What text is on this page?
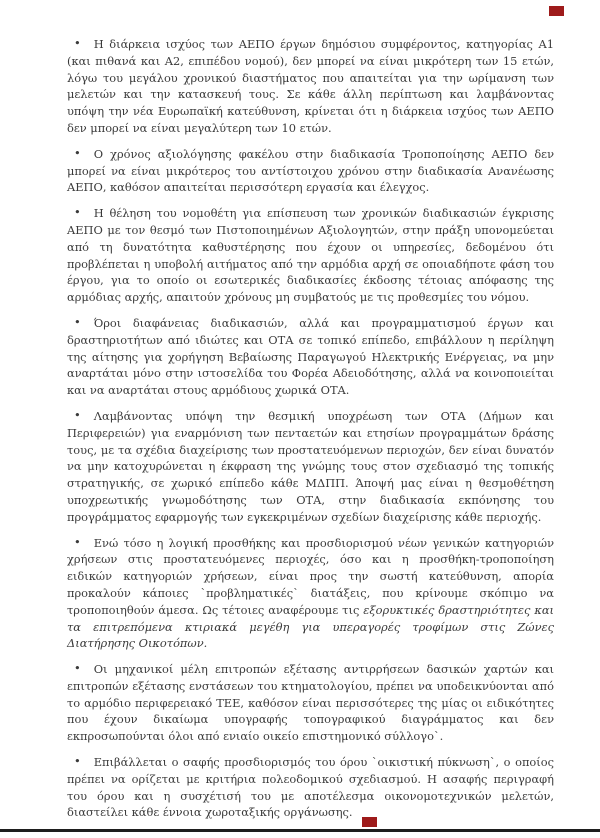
• Η διάρκεια ισχύος των ΑΕΠΟ έργων δημόσιου συμφέροντος, κατηγορίας Α1 (και πιθανά και Α2, επιπέδου νομού), δεν μπορεί να είναι μικρότερη των 15 ετών, λόγω του μεγάλου χρονικού διαστήματος που απαιτείται για την ωρίμανση των μελετών και την κατασκευή τους. Σε κάθε άλλη περίπτωση και λαμβάνοντας υπόψη την νέα Ευρωπαϊκή κατεύθυνση, κρίνεται ότι η διάρκεια ισχύος των ΑΕΠΟ δεν μπορεί να είναι μεγαλύτερη των 10 ετών.

• Ο χρόνος αξιολόγησης φακέλου στην διαδικασία Τροποποίησης ΑΕΠΟ δεν μπορεί να είναι μικρότερος του αντίστοιχου χρόνου στην διαδικασία Ανανέωσης ΑΕΠΟ, καθόσον απαιτείται περισσότερη εργασία και έλεγχος.

• Η θέληση του νομοθέτη για επίσπευση των χρονικών διαδικασιών έγκρισης ΑΕΠΟ με τον θεσμό των Πιστοποιημένων Αξιολογητών, στην πράξη υπονομεύεται από τη δυνατότητα καθυστέρησης που έχουν οι υπηρεσίες, δεδομένου ότι προβλέπεται η υποβολή αιτήματος από την αρμόδια αρχή σε οποιαδήποτε φάση του έργου, για το οποίο οι εσωτερικές διαδικασίες έκδοσης τέτοιας απόφασης της αρμόδιας αρχής, απαιτούν χρόνους μη συμβατούς με τις προθεσμίες του νόμου.

• Όροι διαφάνειας διαδικασιών, αλλά και προγραμματισμού έργων και δραστηριοτήτων από ιδιώτες και ΟΤΑ σε τοπικό επίπεδο, επιβάλλουν η περίληψη της αίτησης για χορήγηση Βεβαίωσης Παραγωγού Ηλεκτρικής Ενέργειας, να μην αναρτάται μόνο στην ιστοσελίδα του Φορέα Αδειοδότησης, αλλά να κοινοποιείται και να αναρτάται στους αρμόδιους χωρικά ΟΤΑ.

• Λαμβάνοντας υπόψη την θεσμική υποχρέωση των ΟΤΑ (Δήμων και Περιφερειών) για εναρμόνιση των πενταετών και ετησίων προγραμμάτων δράσης τους, με τα σχέδια διαχείρισης των προστατευόμενων περιοχών, δεν είναι δυνατόν να μην κατοχυρώνεται η έκφραση της γνώμης τους στον σχεδιασμό της τοπικής στρατηγικής, σε χωρικό επίπεδο κάθε ΜΔΠΠ. Άποψή μας είναι η θεσμοθέτηση υποχρεωτικής γνωμοδότησης των ΟΤΑ, στην διαδικασία εκπόνησης του προγράμματος εφαρμογής των εγκεκριμένων σχεδίων διαχείρισης κάθε περιοχής.

• Ενώ τόσο η λογική προσθήκης και προσδιορισμού νέων γενικών κατηγοριών χρήσεων στις προστατευόμενες περιοχές, όσο και η προσθήκη-τροποποίηση ειδικών κατηγοριών χρήσεων, είναι προς την σωστή κατεύθυνση, απορία προκαλούν κάποιες `προβληματικές` διατάξεις, που κρίνουμε σκόπιμο να τροποποιηθούν άμεσα. Ως τέτοιες αναφέρουμε τις εξορυκτικές δραστηριότητες και τα επιτρεπόμενα κτιριακά μεγέθη για υπεραγορές τροφίμων στις Ζώνες Διατήρησης Οικοτόπων.

• Οι μηχανικοί μέλη επιτροπών εξέτασης αντιρρήσεων δασικών χαρτών και επιτροπών εξέτασης ενστάσεων του κτηματολογίου, πρέπει να υποδεικνύονται από το αρμόδιο περιφερειακό ΤΕΕ, καθόσον είναι περισσότερες της μίας οι ειδικότητες που έχουν δικαίωμα υπογραφής τοπογραφικού διαγράμματος και δεν εκπροσωπούνται όλοι από ενιαίο οικείο επιστημονικό σύλλογο`.

• Επιβάλλεται ο σαφής προσδιορισμός του όρου `οικιστική πύκνωση`, ο οποίος πρέπει να ορίζεται με κριτήρια πολεοδομικού σχεδιασμού. Η ασαφής περιγραφή του όρου και η συσχέτισή του με αποτέλεσμα οικονομοτεχνικών μελετών, διαστείλει κάθε έννοια χωροταξικής οργάνωσης.
